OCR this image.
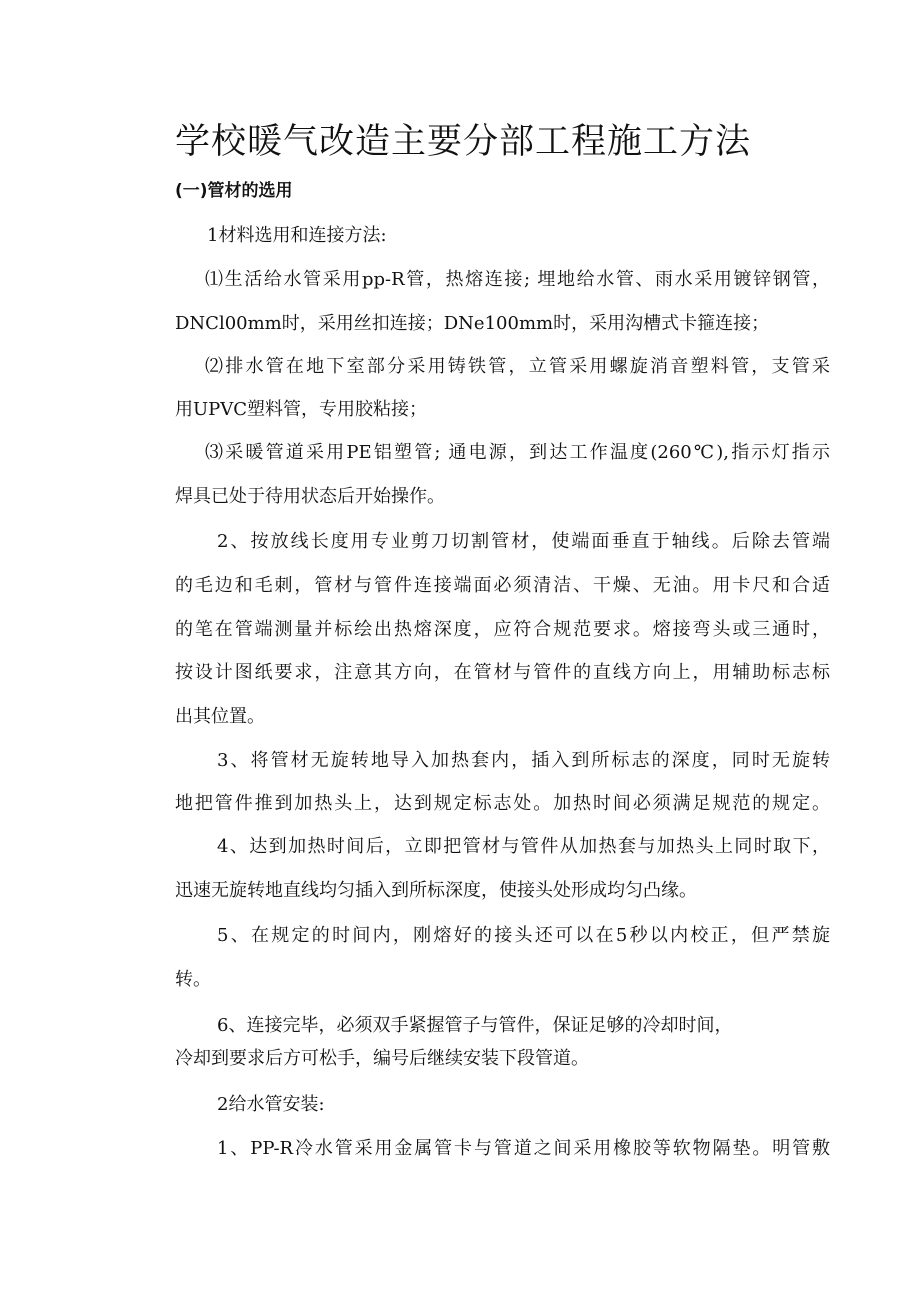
学校暖气改造主要分部工程施工方法
(一)管材的选用

1材料选用和连接方法:

⑴生活给水管采用pp-R管，热熔连接; 埋地给水管、雨水采用镀锌钢管，

DNCl00mm时，采用丝扣连接；DNe100mm时，采用沟槽式卡箍连接；

⑵排水管在地下室部分采用铸铁管，立管采用螺旋消音塑料管，支管采

用UPVC塑料管，专用胶粘接；

⑶采暖管道采用PE铝塑管; 通电源，到达工作温度(260℃),指示灯指示

焊具已处于待用状态后开始操作。

2、按放线长度用专业剪刀切割管材，使端面垂直于轴线。后除去管端

的毛边和毛刺，管材与管件连接端面必须清洁、干燥、无油。用卡尺和合适

的笔在管端测量并标绘出热熔深度，应符合规范要求。熔接弯头或三通时，

按设计图纸要求，注意其方向，在管材与管件的直线方向上，用辅助标志标

出其位置。

3、将管材无旋转地导入加热套内，插入到所标志的深度，同时无旋转

地把管件推到加热头上，达到规定标志处。加热时间必须满足规范的规定。

4、达到加热时间后，立即把管材与管件从加热套与加热头上同时取下，

迅速无旋转地直线均匀插入到所标深度，使接头处形成均匀凸缘。

5、在规定的时间内，刚熔好的接头还可以在5秒以内校正，但严禁旋

转。

6、连接完毕，必须双手紧握管子与管件，保证足够的冷却时间，

冷却到要求后方可松手，编号后继续安装下段管道。

2给水管安装:

1、PP-R冷水管采用金属管卡与管道之间采用橡胶等软物隔垫。明管敷
